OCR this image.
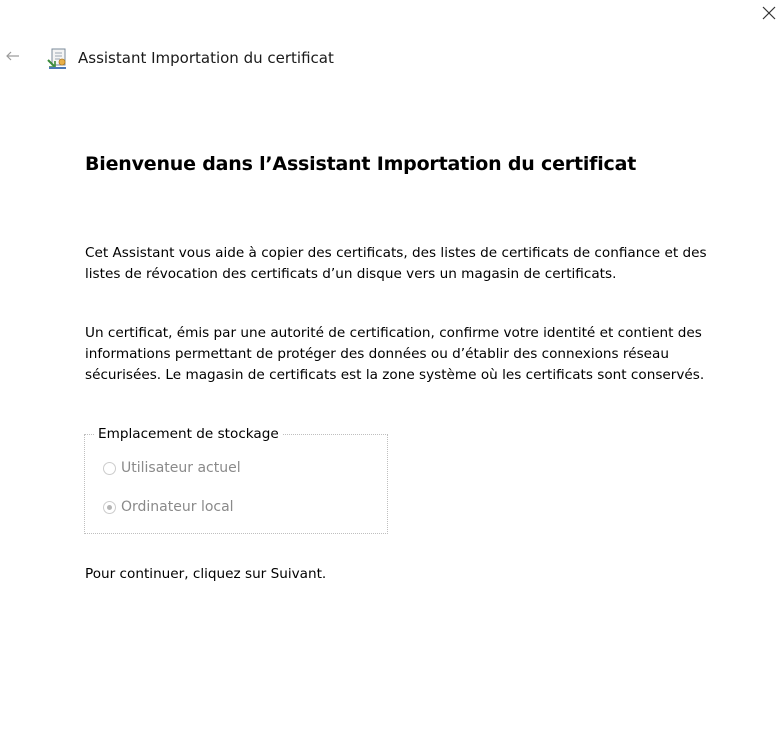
Assistant Importation du certificat
Bienvenue dans l’Assistant Importation du certificat
Cet Assistant vous aide à copier des certificats, des listes de certificats de confiance et des listes de révocation des certificats d’un disque vers un magasin de certificats.
Un certificat, émis par une autorité de certification, confirme votre identité et contient des informations permettant de protéger des données ou d’établir des connexions réseau sécurisées. Le magasin de certificats est la zone système où les certificats sont conservés.
Emplacement de stockage
Utilisateur actuel
Ordinateur local
Pour continuer, cliquez sur Suivant.
